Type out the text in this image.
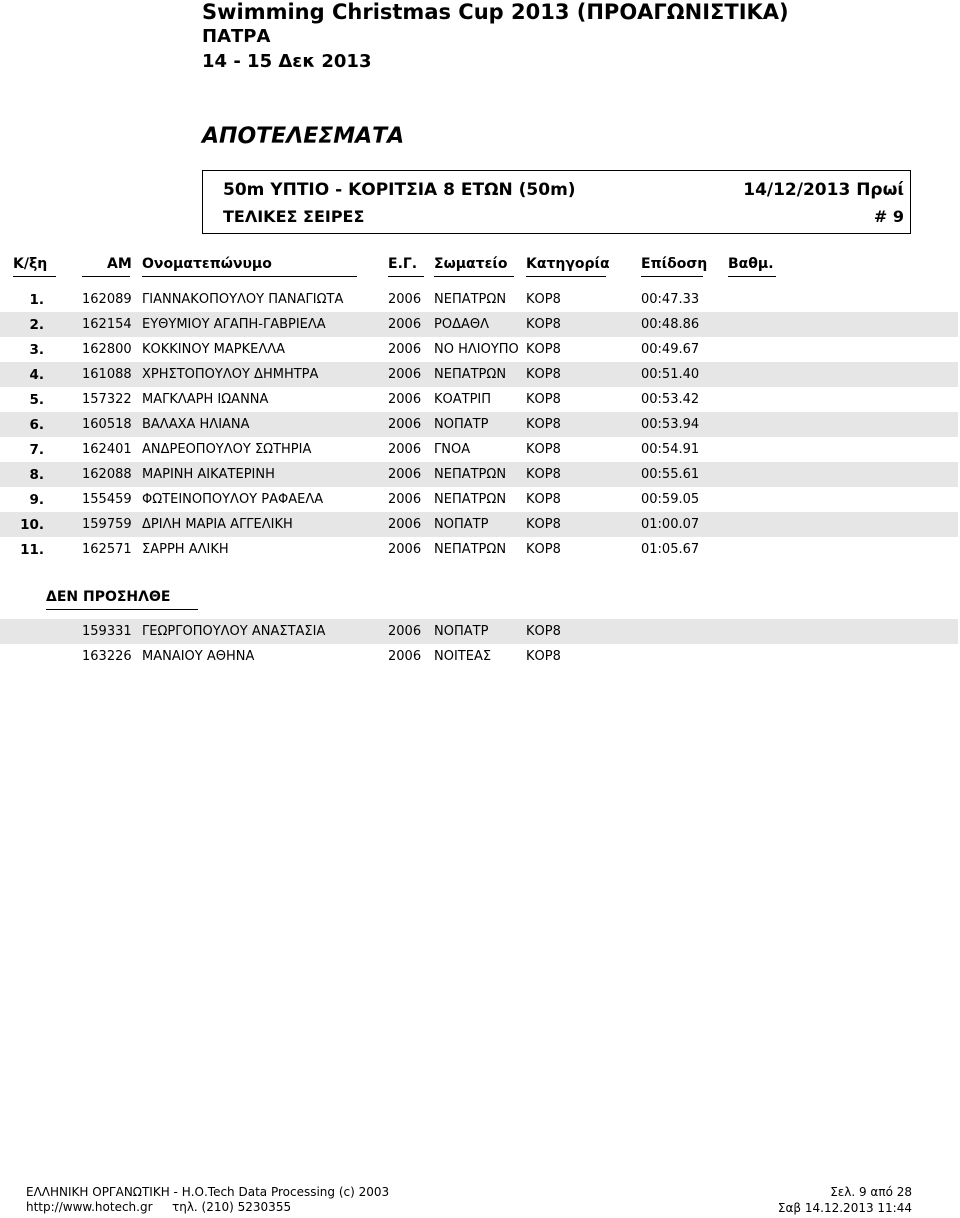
Swimming Christmas Cup 2013 (ΠΡΟΑΓΩΝΙΣΤΙΚΑ)
ΠΑΤΡΑ
14 - 15 Δεκ 2013
ΑΠΟΤΕΛΕΣΜΑΤΑ
50m ΥΠΤΙΟ - ΚΟΡΙΤΣΙΑ 8 ΕΤΩΝ (50m)	14/12/2013 Πρωί
ΤΕΛΙΚΕΣ ΣΕΙΡΕΣ	# 9
Κ/ξη	ΑΜ Ονοματεπώνυμο	Ε.Γ. Σωματείο Κατηγορία Επίδοση Βαθμ.
1.	162089 ΓΙΑΝΝΑΚΟΠΟΥΛΟΥ ΠΑΝΑΓΙΩΤΑ	2006 ΝΕΠΑΤΡΩΝ ΚΟΡ8	00:47.33
2.	162154 ΕΥΘΥΜΙΟΥ ΑΓΑΠΗ-ΓΑΒΡΙΕΛΑ	2006 ΡΟΔΑΘΛ	ΚΟΡ8	00:48.86
3.	162800 ΚΟΚΚΙΝΟΥ ΜΑΡΚΕΛΛΑ	2006 ΝΟ ΗΛΙΟΥΠΟ ΚΟΡ8	00:49.67
4.	161088 ΧΡΗΣΤΟΠΟΥΛΟΥ ΔΗΜΗΤΡΑ	2006 ΝΕΠΑΤΡΩΝ ΚΟΡ8	00:51.40
5.	157322 ΜΑΓΚΛΑΡΗ ΙΩΑΝΝΑ	2006 ΚΟΑΤΡΙΠ	ΚΟΡ8	00:53.42
6.	160518 ΒΑΛΑΧΑ ΗΛΙΑΝΑ	2006 ΝΟΠΑΤΡ	ΚΟΡ8	00:53.94
7.	162401 ΑΝΔΡΕΟΠΟΥΛΟΥ ΣΩΤΗΡΙΑ	2006 ΓΝΟΑ	ΚΟΡ8	00:54.91
8.	162088 ΜΑΡΙΝΗ ΑΙΚΑΤΕΡΙΝΗ	2006 ΝΕΠΑΤΡΩΝ ΚΟΡ8	00:55.61
9.	155459 ΦΩΤΕΙΝΟΠΟΥΛΟΥ ΡΑΦΑΕΛΑ	2006 ΝΕΠΑΤΡΩΝ ΚΟΡ8	00:59.05
10.	159759 ΔΡΙΛΗ ΜΑΡΙΑ ΑΓΓΕΛΙΚΗ	2006 ΝΟΠΑΤΡ	ΚΟΡ8	01:00.07
11.	162571 ΣΑΡΡΗ ΑΛΙΚΗ	2006 ΝΕΠΑΤΡΩΝ ΚΟΡ8	01:05.67
ΔΕΝ ΠΡΟΣΗΛΘΕ
159331 ΓΕΩΡΓΟΠΟΥΛΟΥ ΑΝΑΣΤΑΣΙΑ	2006 ΝΟΠΑΤΡ	ΚΟΡ8
163226 ΜΑΝΑΙΟΥ ΑΘΗΝΑ	2006 ΝΟΙΤΕΑΣ	ΚΟΡ8
ΕΛΛΗΝΙΚΗ ΟΡΓΑΝΩΤΙΚΗ - Η.Ο.Tech Data Processing (c) 2003
http://www.hotech.gr τηλ. (210) 5230355
Σελ. 9 από 28
Σαβ 14.12.2013 11:44
